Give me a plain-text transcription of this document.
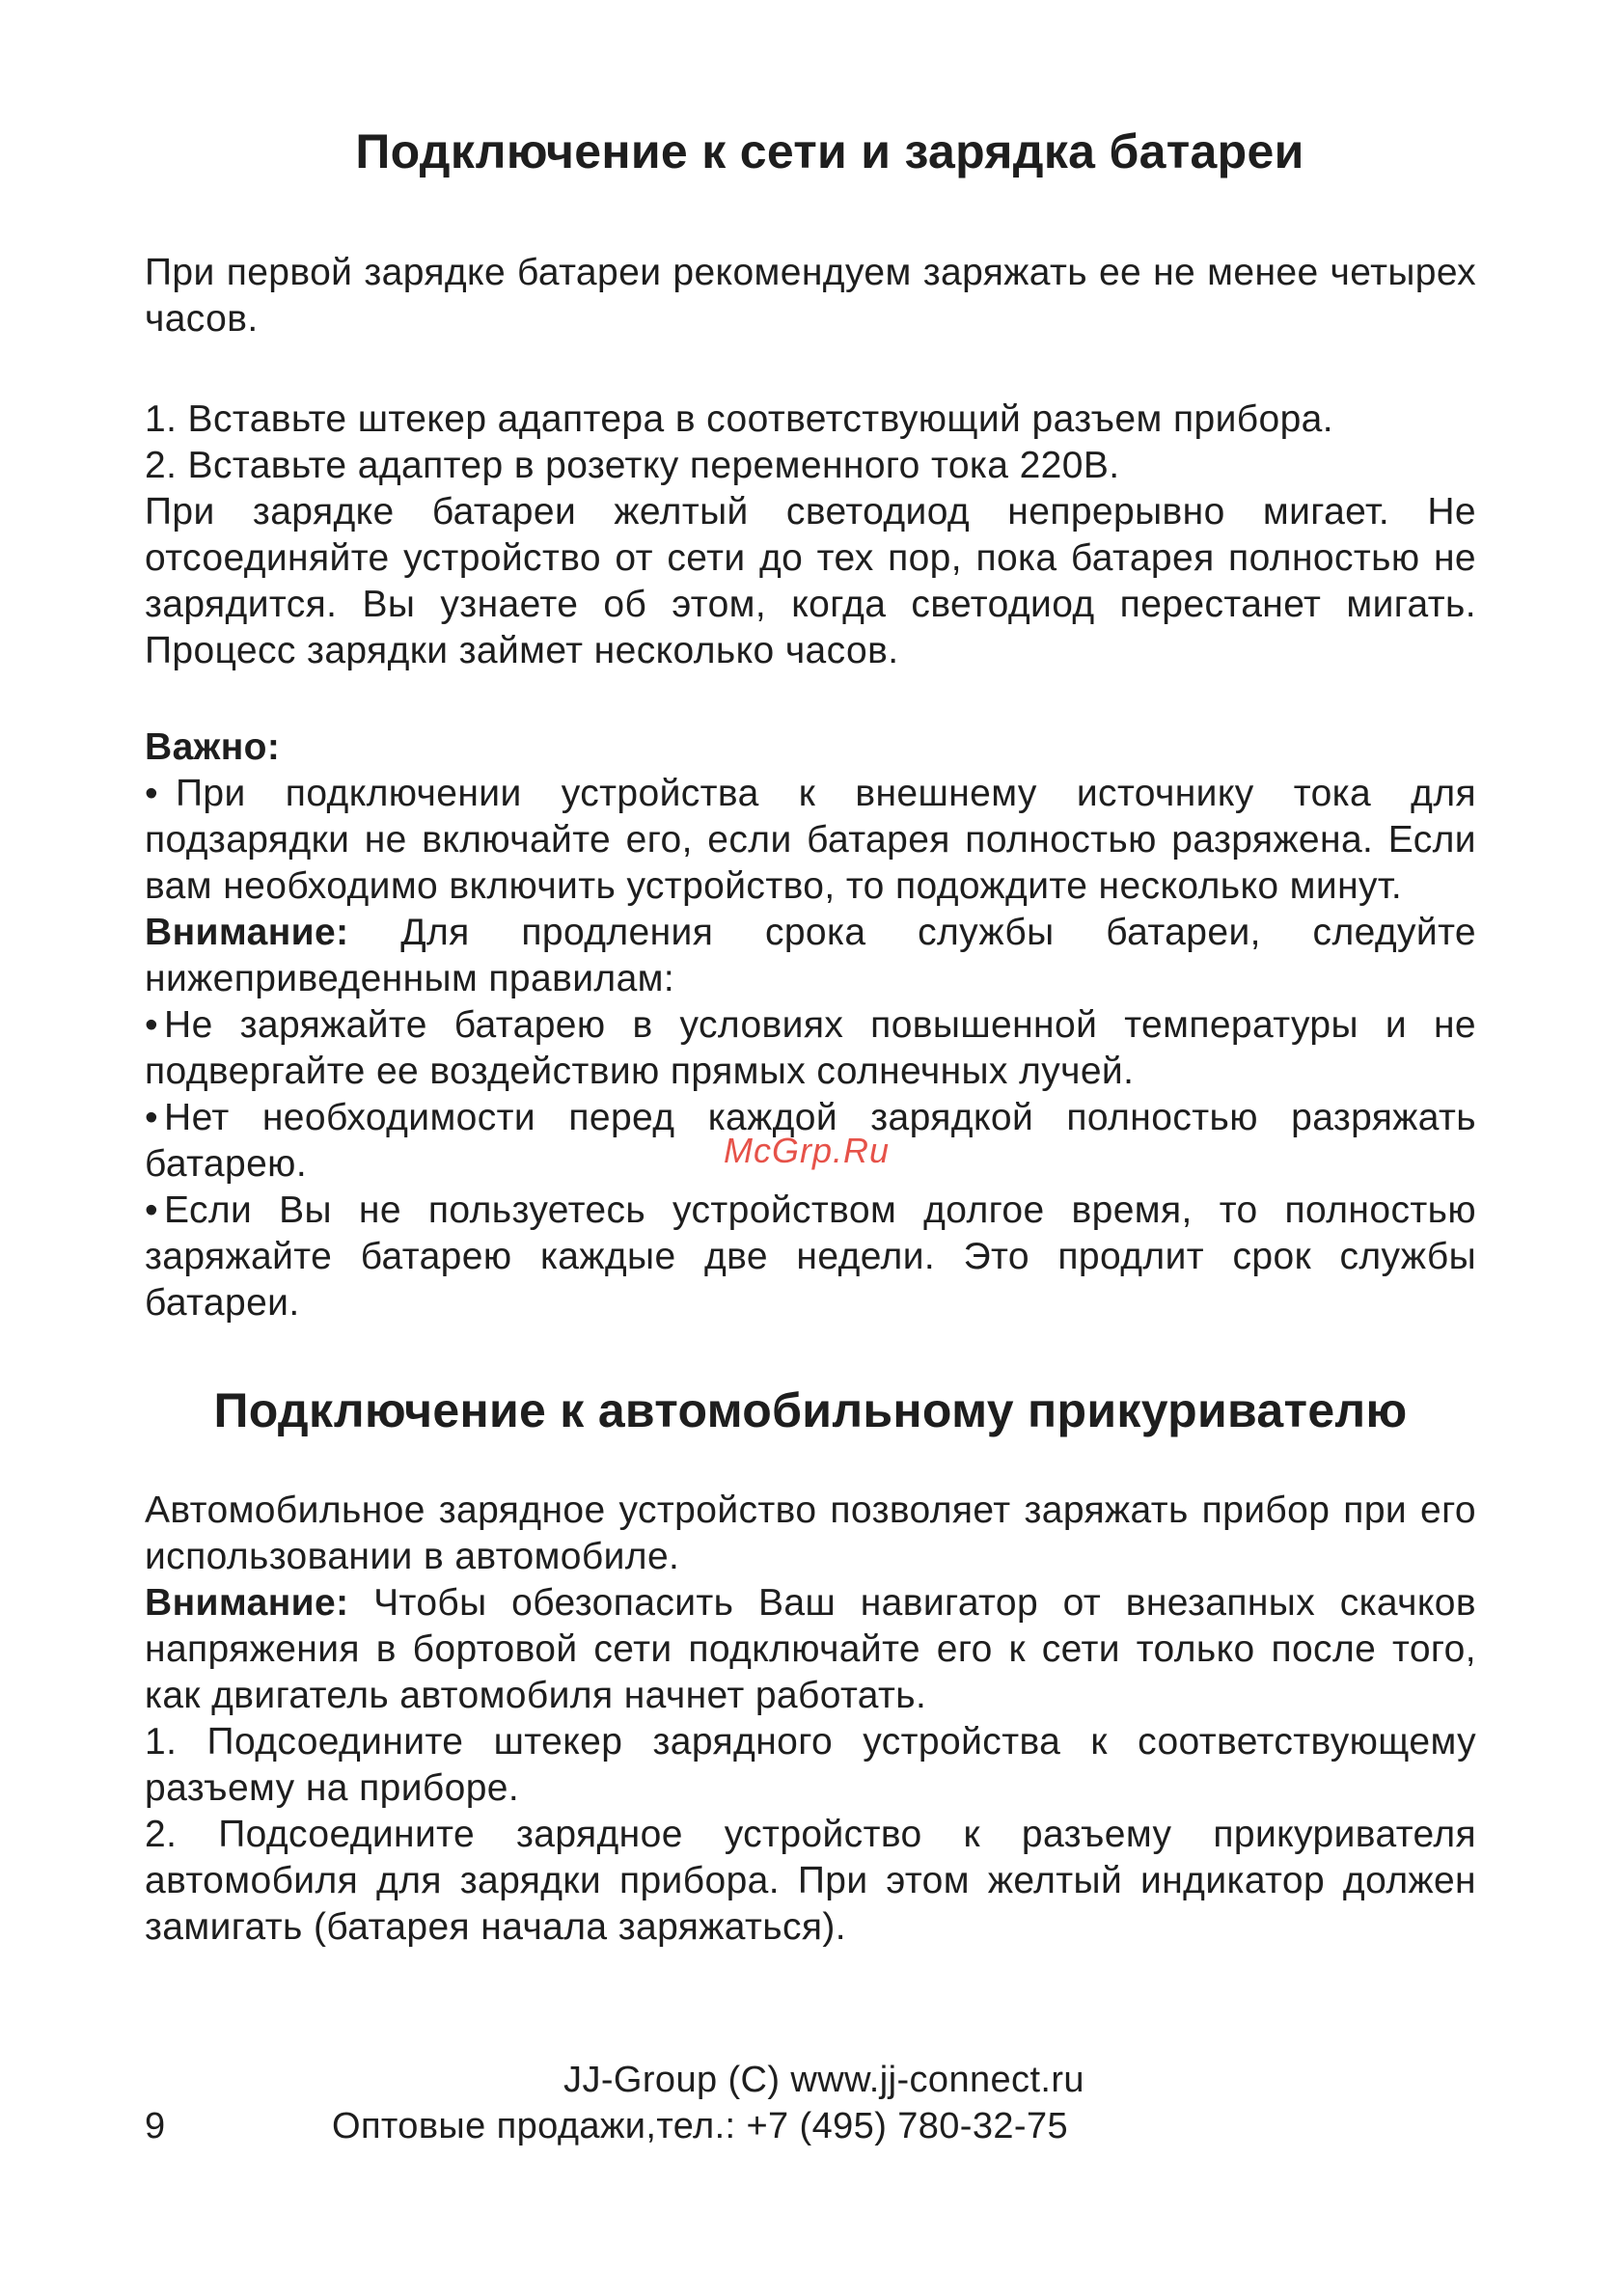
Подключение к сети и зарядка батареи

При первой зарядке батареи рекомендуем заряжать ее не менее четырех часов.

1. Вставьте штекер адаптера в соответствующий разъем прибора.

2. Вставьте адаптер в розетку переменного тока 220В.

При зарядке батареи желтый светодиод непрерывно мигает. Не отсоединяйте устройство от сети до тех пор, пока батарея полностью не зарядится. Вы узнаете об этом, когда светодиод перестанет мигать. Процесс зарядки займет несколько часов.

Важно:

• При подключении устройства к внешнему источнику тока для подзарядки не включайте его, если батарея полностью разряжена. Если вам необходимо включить устройство, то подождите несколько минут.

Внимание: Для продления срока службы батареи, следуйте нижеприведенным правилам:

• Не заряжайте батарею в условиях повышенной температуры и не подвергайте ее воздействию прямых солнечных лучей.

• Нет необходимости перед каждой зарядкой полностью разряжать батарею.

• Если Вы не пользуетесь устройством долгое время, то полностью заряжайте батарею каждые две недели. Это продлит срок службы батареи.

Подключение к автомобильному прикуривателю

Автомобильное зарядное устройство позволяет заряжать прибор при его использовании в автомобиле.

Внимание: Чтобы обезопасить Ваш навигатор от внезапных скачков напряжения в бортовой сети подключайте его к сети только после того, как двигатель автомобиля начнет работать.

1. Подсоедините штекер зарядного устройства к соответствующему разъему на приборе.

2. Подсоедините зарядное устройство к разъему прикуривателя автомобиля для зарядки прибора. При этом желтый индикатор должен замигать (батарея начала заряжаться).

McGrp.Ru
JJ-Group (C) www.jj-connect.ru
9	Оптовые продажи,тел.: +7 (495) 780-32-75
